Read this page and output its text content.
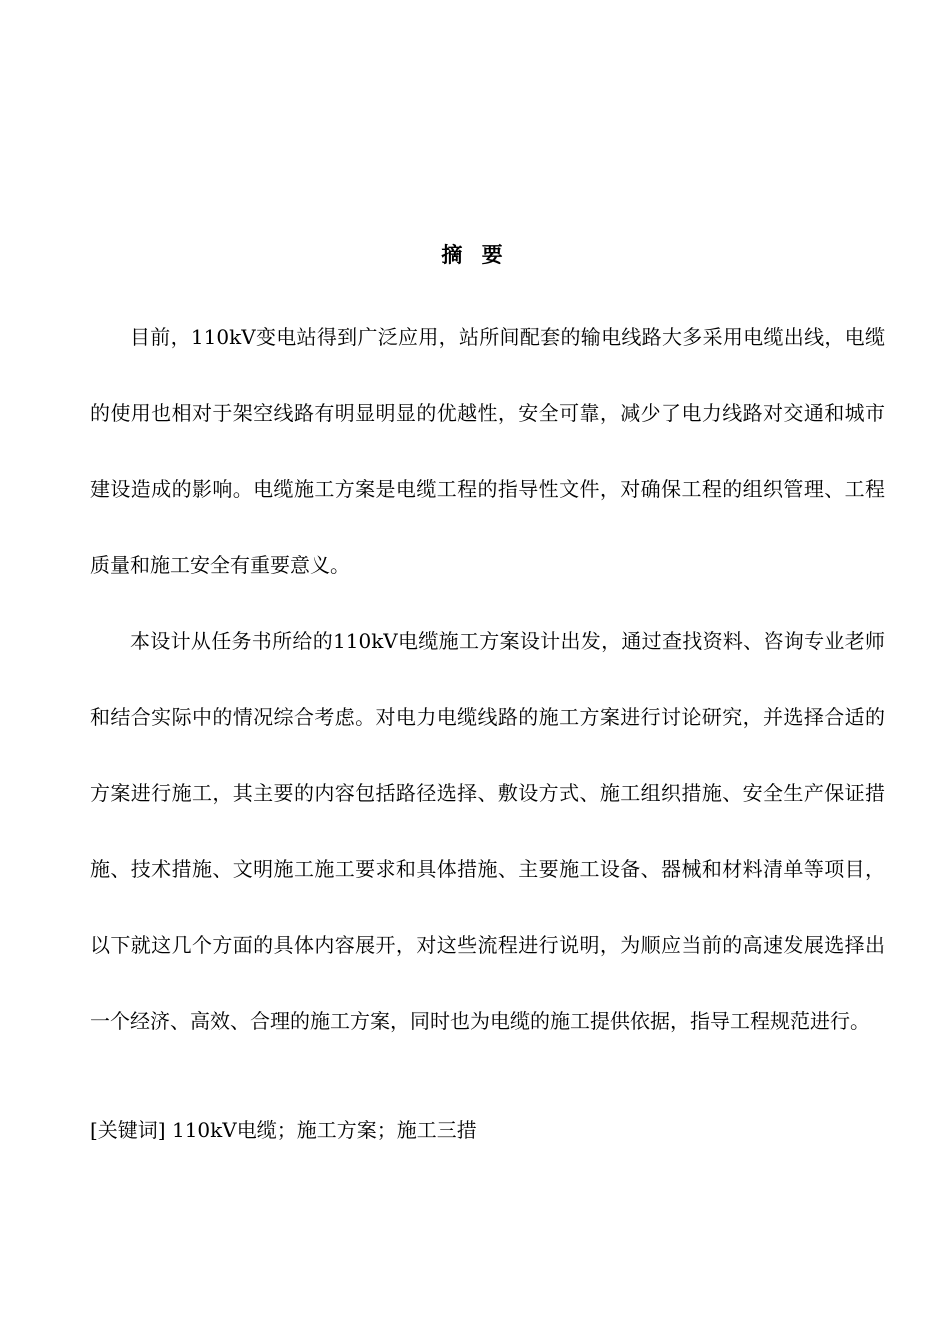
摘 要

目前，110kV变电站得到广泛应用，站所间配套的输电线路大多采用电缆出线，电缆的使用也相对于架空线路有明显明显的优越性，安全可靠，减少了电力线路对交通和城市建设造成的影响。电缆施工方案是电缆工程的指导性文件，对确保工程的组织管理、工程质量和施工安全有重要意义。

本设计从任务书所给的110kV电缆施工方案设计出发，通过查找资料、咨询专业老师和结合实际中的情况综合考虑。对电力电缆线路的施工方案进行讨论研究，并选择合适的方案进行施工，其主要的内容包括路径选择、敷设方式、施工组织措施、安全生产保证措施、技术措施、文明施工施工要求和具体措施、主要施工设备、器械和材料清单等项目，以下就这几个方面的具体内容展开，对这些流程进行说明，为顺应当前的高速发展选择出一个经济、高效、合理的施工方案，同时也为电缆的施工提供依据，指导工程规范进行。

[关键词] 110kV电缆；施工方案；施工三措
